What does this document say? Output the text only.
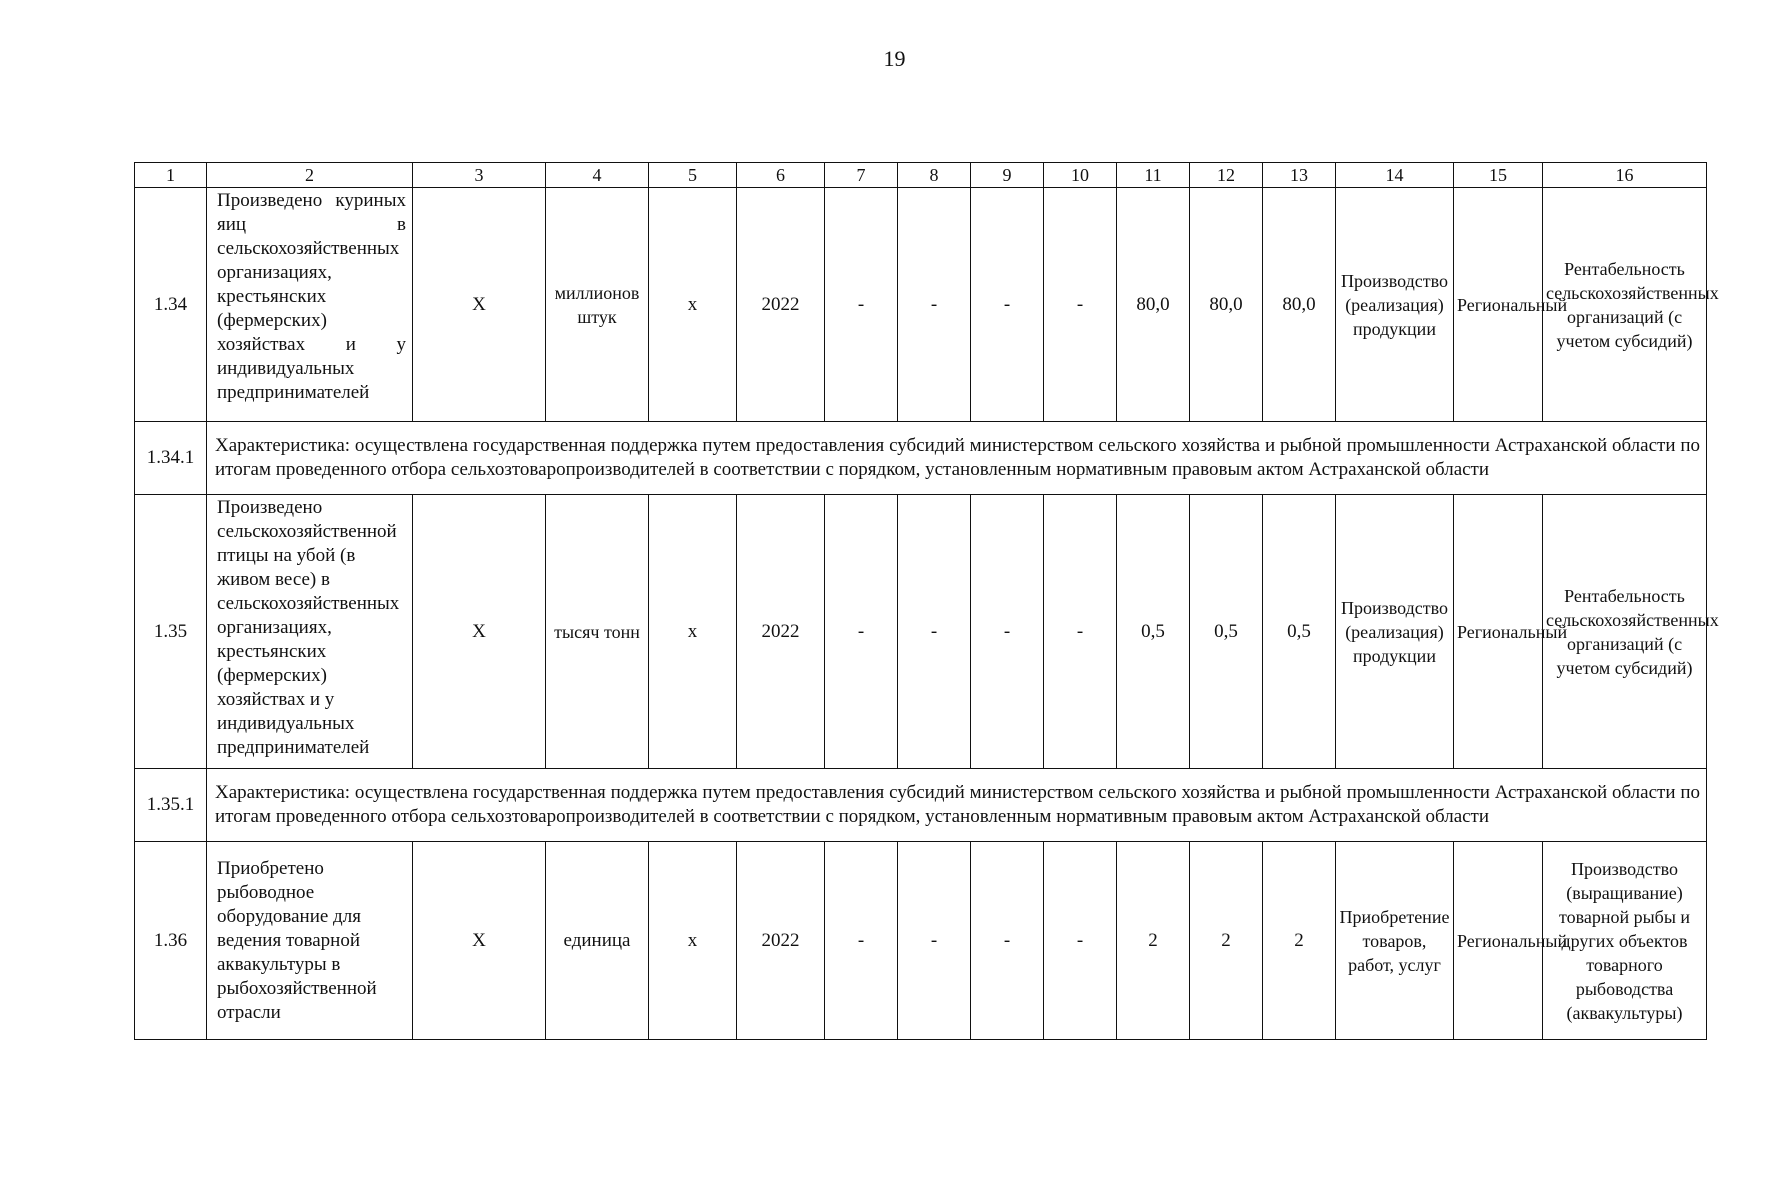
19
1	2	3	4	5	6	7	8	9	10	11	12	13	14	15	16
1.34	Произведено куриных яиц в сельскохозяйственных организациях, крестьянских (фермерских) хозяйствах и у индивидуальных предпринимателей	Х	миллионов штук	х	2022	-	-	-	-	80,0	80,0	80,0	Производство (реализация) продукции	Региональный	Рентабельность сельскохозяйственных организаций (с учетом субсидий)
1.34.1	Характеристика: осуществлена государственная поддержка путем предоставления субсидий министерством сельского хозяйства и рыбной промышленности Астраханской области по итогам проведенного отбора сельхозтоваропроизводителей в соответствии с порядком, установленным нормативным правовым актом Астраханской области														
1.35	Произведено сельскохозяйственной птицы на убой (в живом весе) в сельскохозяйственных организациях, крестьянских (фермерских) хозяйствах и у индивидуальных предпринимателей	Х	тысяч тонн	х	2022	-	-	-	-	0,5	0,5	0,5	Производство (реализация) продукции	Региональный	Рентабельность сельскохозяйственных организаций (с учетом субсидий)
1.35.1	Характеристика: осуществлена государственная поддержка путем предоставления субсидий министерством сельского хозяйства и рыбной промышленности Астраханской области по итогам проведенного отбора сельхозтоваропроизводителей в соответствии с порядком, установленным нормативным правовым актом Астраханской области														
1.36	Приобретено рыбоводное оборудование для ведения товарной аквакультуры в рыбохозяйственной отрасли	Х	единица	х	2022	-	-	-	-	2	2	2	Приобретение товаров, работ, услуг	Региональный	Производство (выращивание) товарной рыбы и других объектов товарного рыбоводства (аквакультуры)
